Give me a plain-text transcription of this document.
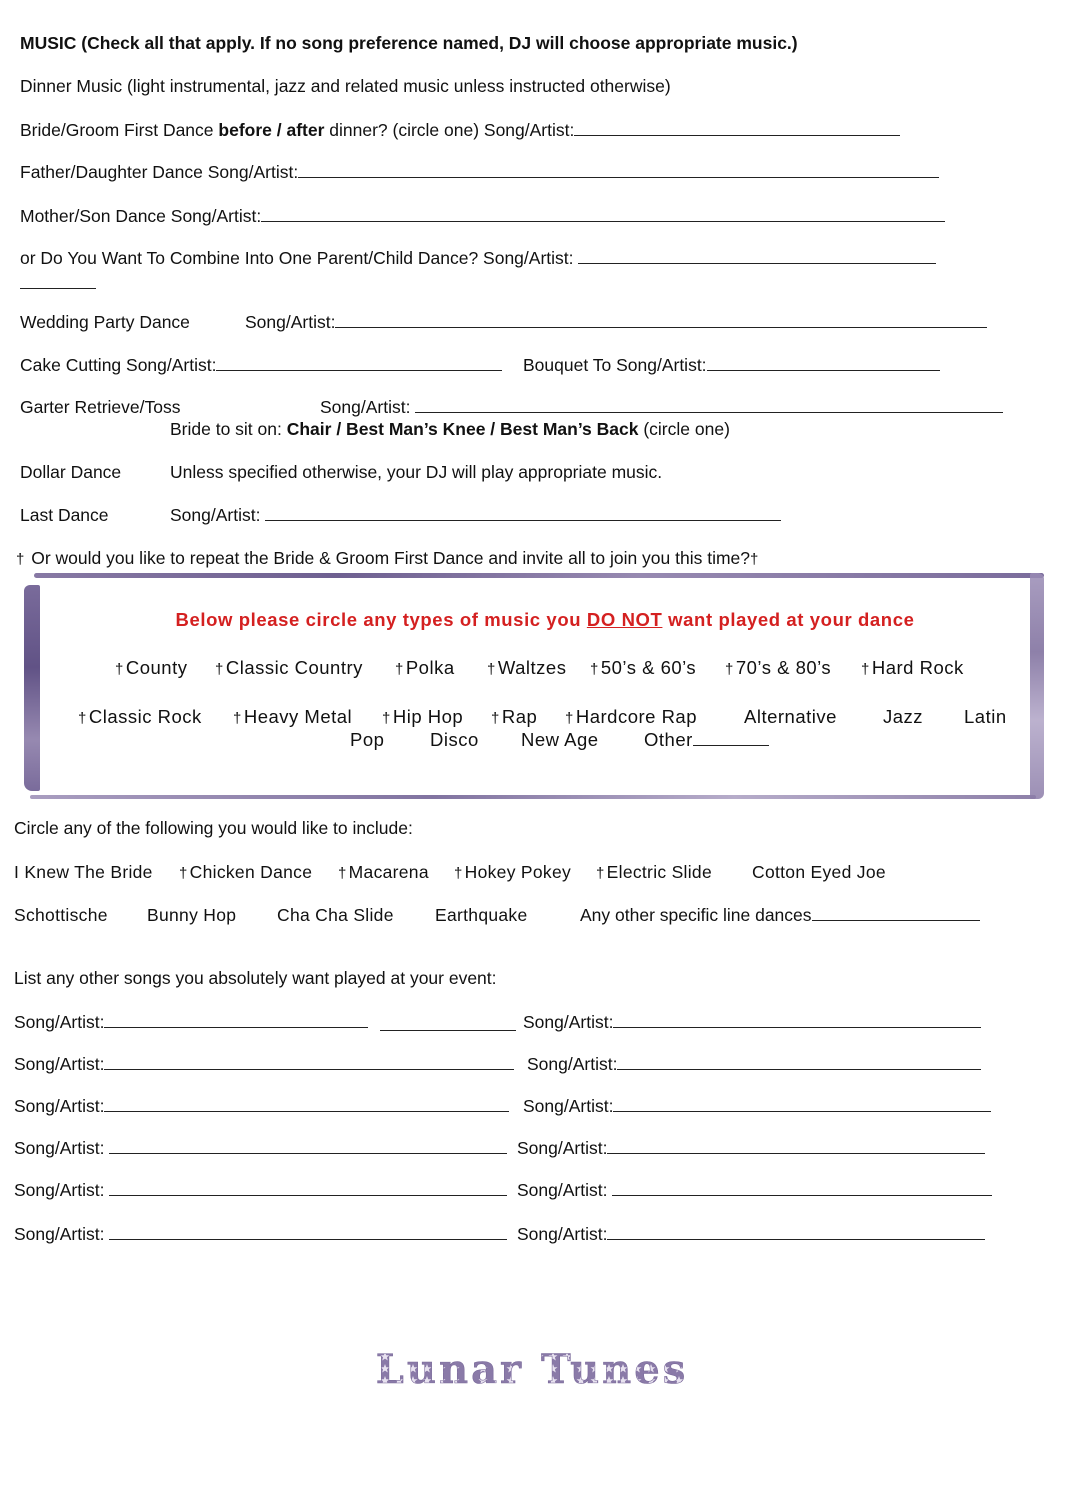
MUSIC (Check all that apply. If no song preference named, DJ will choose appropriate music.)
Dinner Music (light instrumental, jazz and related music unless instructed otherwise)
Bride/Groom First Dance before / after dinner? (circle one) Song/Artist:
Father/Daughter Dance Song/Artist:
Mother/Son Dance Song/Artist:
or Do You Want To Combine Into One Parent/Child Dance? Song/Artist:
Wedding Party Dance	Song/Artist:
Cake Cutting Song/Artist:	Bouquet To Song/Artist:
Garter Retrieve/Toss	Song/Artist:
Bride to sit on: Chair / Best Man’s Knee / Best Man’s Back (circle one)
Dollar Dance	Unless specified otherwise, your DJ will play appropriate music.
Last Dance	Song/Artist:
† Or would you like to repeat the Bride & Groom First Dance and invite all to join you this time?†
Below please circle any types of music you DO NOT want played at your dance
† County † Classic Country † Polka † Waltzes † 50’s & 60’s † 70’s & 80’s † Hard Rock
† Classic Rock † Heavy Metal † Hip Hop † Rap † Hardcore Rap	Alternative Jazz Latin
Pop Disco New Age Other
Circle any of the following you would like to include:
I Knew The Bride † Chicken Dance † Macarena † Hokey Pokey † Electric Slide Cotton Eyed Joe
Schottische Bunny Hop Cha Cha Slide Earthquake	Any other specific line dances
List any other songs you absolutely want played at your event:
Song/Artist:	Song/Artist:
Song/Artist:	Song/Artist:
Song/Artist:	Song/Artist:
Song/Artist:	Song/Artist:
Song/Artist:	Song/Artist:
Song/Artist:	Song/Artist:
Lunar Tunes
